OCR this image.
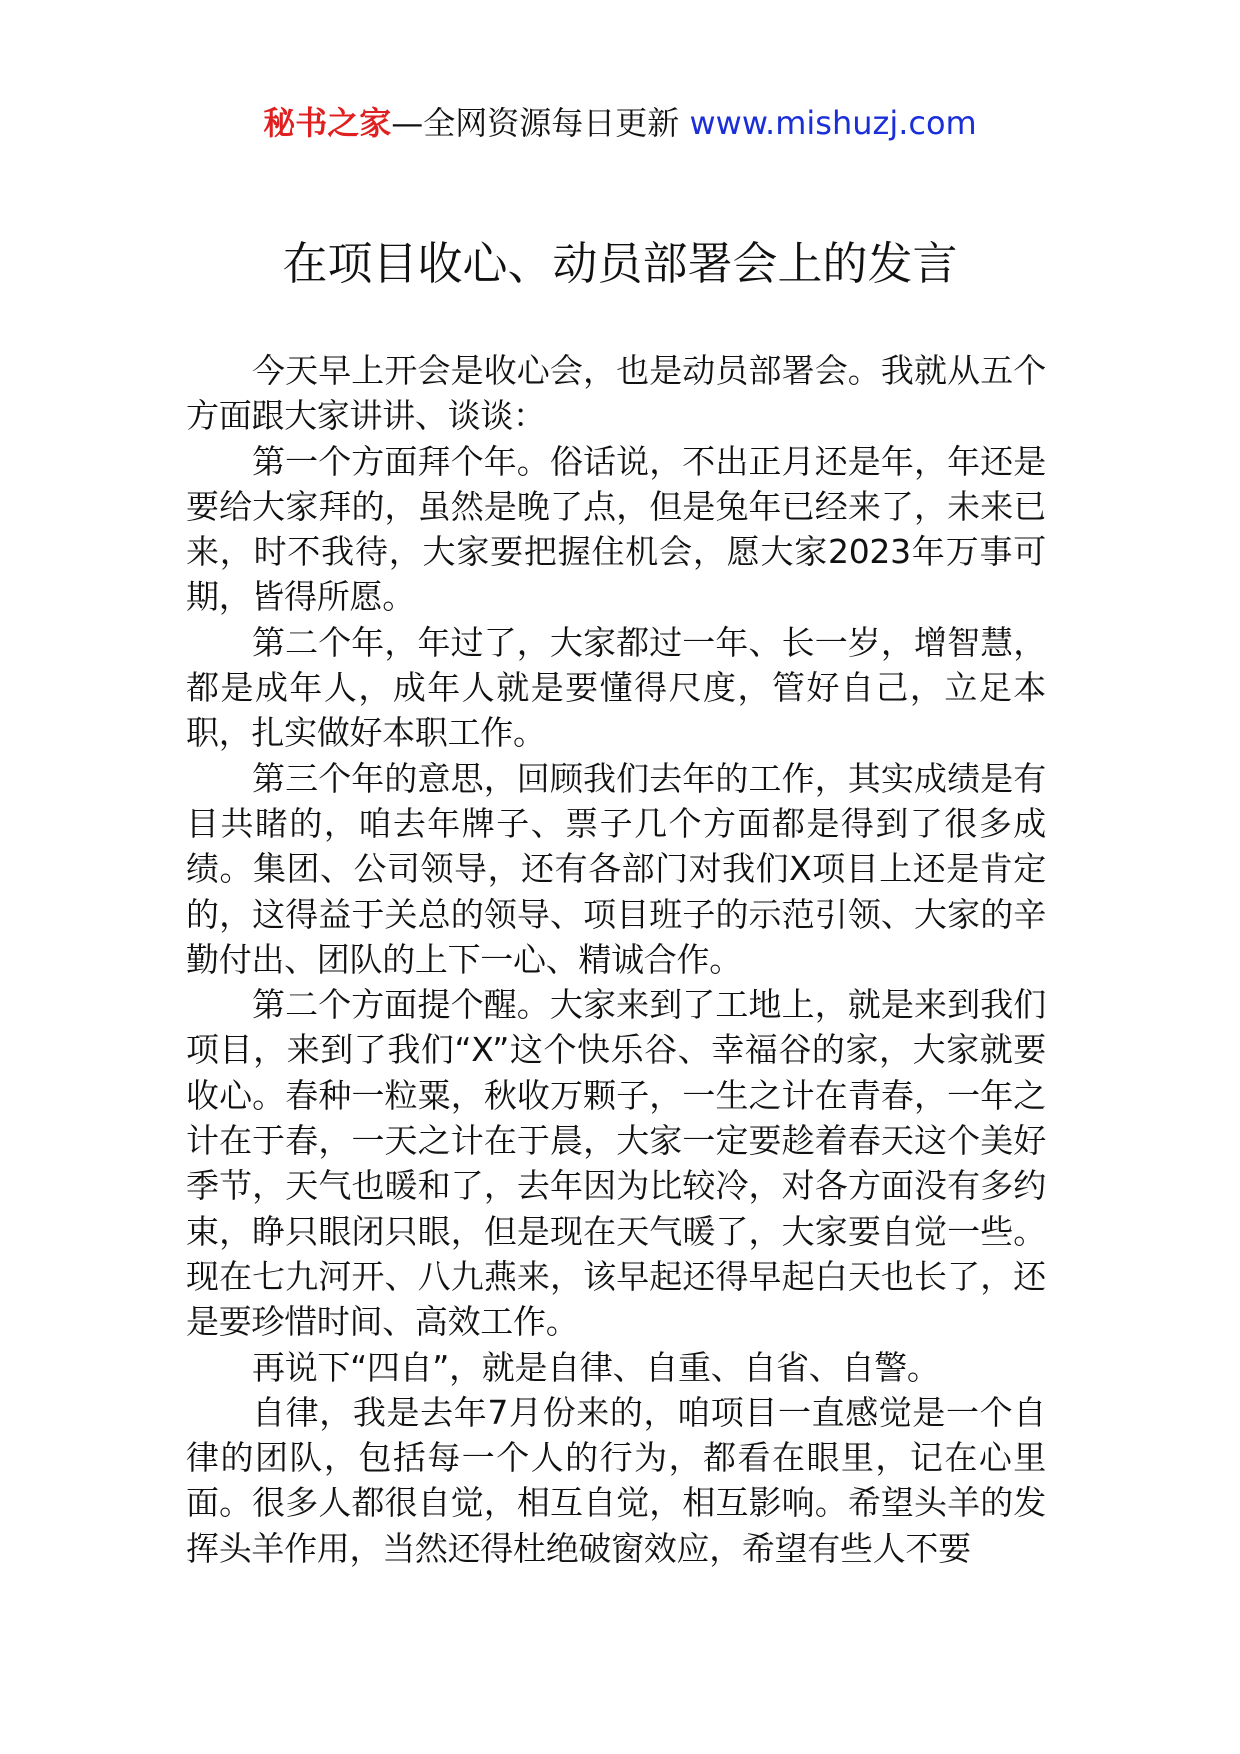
秘书之家—全网资源每日更新 www.mishuzj.com
在项目收心、动员部署会上的发言

今天早上开会是收心会，也是动员部署会。我就从五个方面跟大家讲讲、谈谈：

第一个方面拜个年。俗话说，不出正月还是年，年还是要给大家拜的，虽然是晚了点，但是兔年已经来了，未来已来，时不我待，大家要把握住机会，愿大家2023年万事可期，皆得所愿。

第二个年，年过了，大家都过一年、长一岁，增智慧，都是成年人，成年人就是要懂得尺度，管好自己，立足本职，扎实做好本职工作。

第三个年的意思，回顾我们去年的工作，其实成绩是有目共睹的，咱去年牌子、票子几个方面都是得到了很多成绩。集团、公司领导，还有各部门对我们X项目上还是肯定的，这得益于关总的领导、项目班子的示范引领、大家的辛勤付出、团队的上下一心、精诚合作。

第二个方面提个醒。大家来到了工地上，就是来到我们项目，来到了我们“X”这个快乐谷、幸福谷的家，大家就要收心。春种一粒粟，秋收万颗子，一生之计在青春，一年之计在于春，一天之计在于晨，大家一定要趁着春天这个美好季节，天气也暖和了，去年因为比较冷，对各方面没有多约束，睁只眼闭只眼，但是现在天气暖了，大家要自觉一些。现在七九河开、八九燕来，该早起还得早起白天也长了，还是要珍惜时间、高效工作。

再说下“四自”，就是自律、自重、自省、自警。

自律，我是去年7月份来的，咱项目一直感觉是一个自律的团队，包括每一个人的行为，都看在眼里，记在心里面。很多人都很自觉，相互自觉，相互影响。希望头羊的发挥头羊作用，当然还得杜绝破窗效应，希望有些人不要
